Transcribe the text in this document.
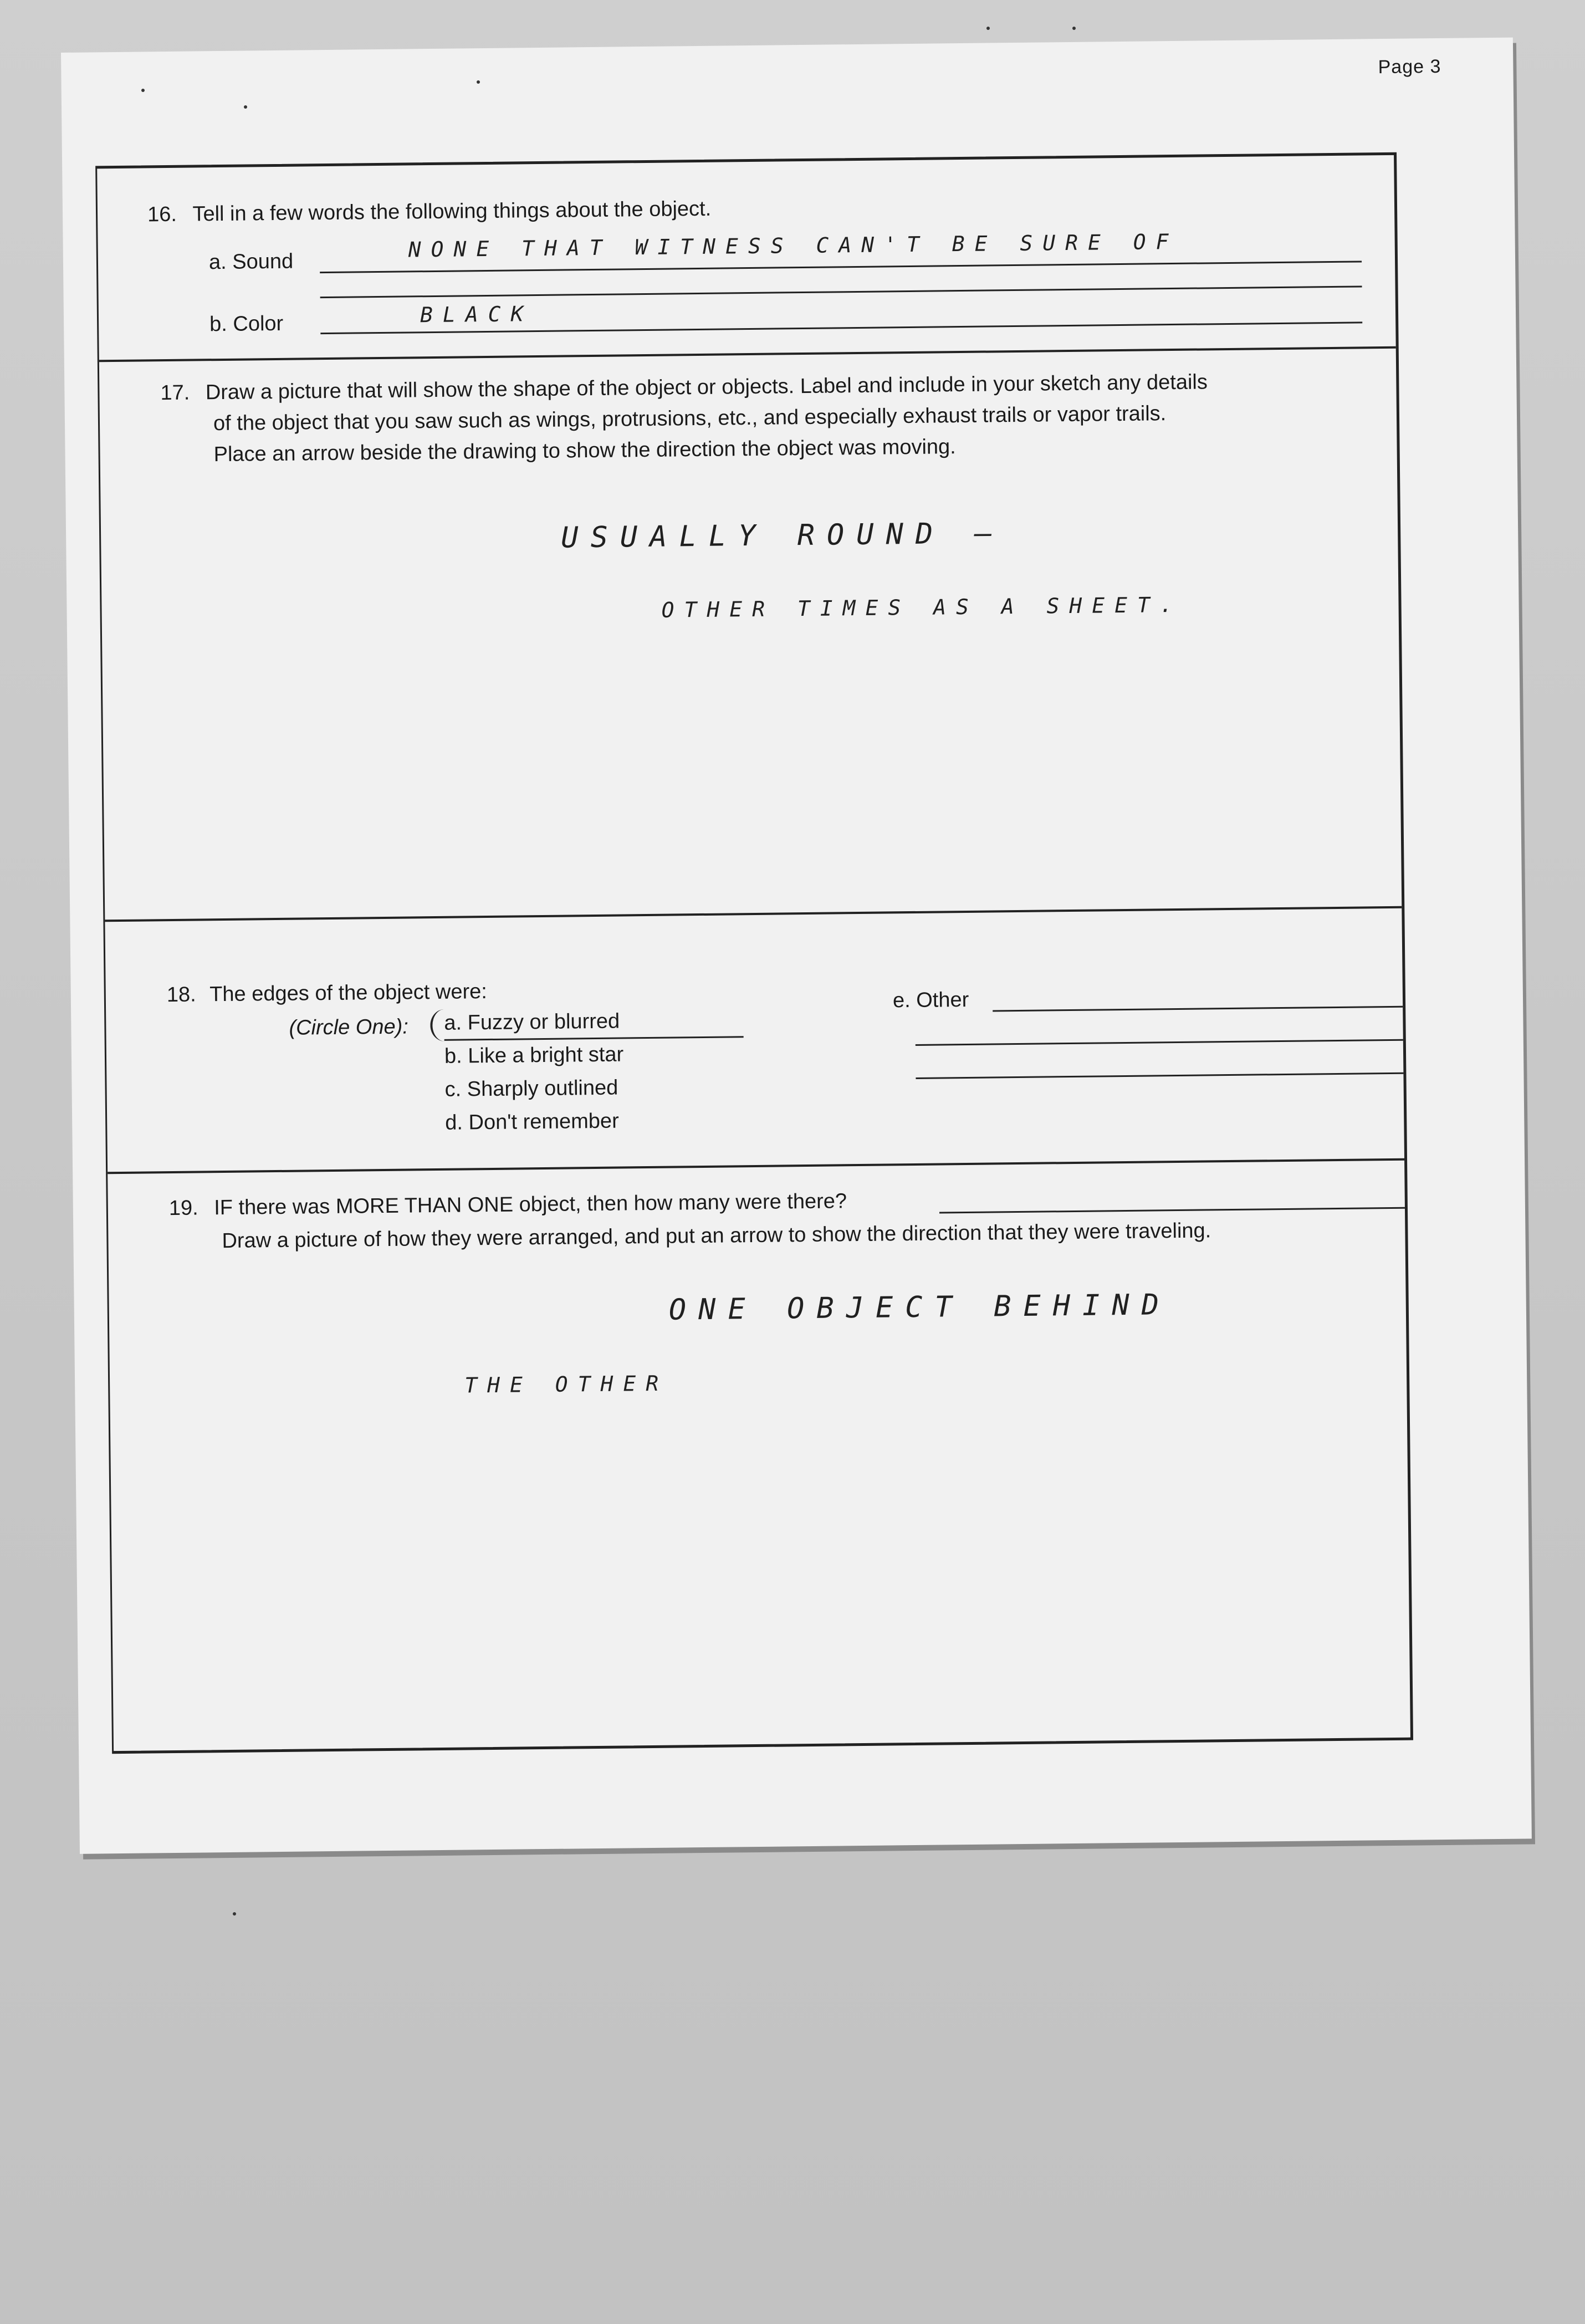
Page 3
16. Tell in a few words the following things about the object.
a. Sound	NONE THAT WITNESS CAN'T BE SURE OF
b. Color	BLACK
17. Draw a picture that will show the shape of the object or objects. Label and include in your sketch any details
of the object that you saw such as wings, protrusions, etc., and especially exhaust trails or vapor trails.
Place an arrow beside the drawing to show the direction the object was moving.
USUALLY ROUND —
OTHER TIMES AS A SHEET.
18. The edges of the object were:
(Circle One): a. Fuzzy or blurred
b. Like a bright star
c. Sharply outlined
d. Don't remember
e. Other
19. IF there was MORE THAN ONE object, then how many were there?
Draw a picture of how they were arranged, and put an arrow to show the direction that they were traveling.
ONE OBJECT BEHIND
THE OTHER
